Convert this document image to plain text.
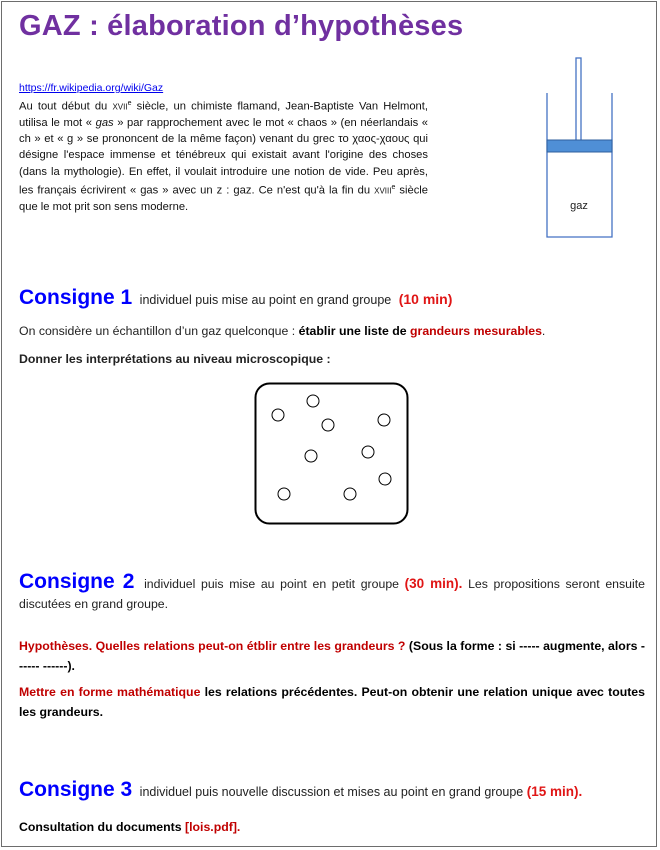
GAZ : élaboration d’hypothèses
https://fr.wikipedia.org/wiki/Gaz

Au tout début du xvii$^e$ siècle, un chimiste flamand, Jean-Baptiste Van Helmont, utilisa le mot « gas » par rapprochement avec le mot « chaos » (en néerlandais « ch » et « g » se prononcent de la même façon) venant du grec το χαος-χαους qui désigne l'espace immense et ténébreux qui existait avant l'origine des choses (dans la mythologie). En effet, il voulait introduire une notion de vide. Peu après, les français écrivirent « gas » avec un z : gaz. Ce n'est qu'à la fin du xviii$^e$ siècle que le mot prit son sens moderne.	gaz
Consigne 1 individuel puis mise au point en grand groupe (10 min)
On considère un échantillon d’un gaz quelconque : établir une liste de grandeurs mesurables.
Donner les interprétations au niveau microscopique :

Consigne 2 individuel puis mise au point en petit groupe (30 min). Les propositions seront ensuite discutées en grand groupe.

Hypothèses. Quelles relations peut-on étblir entre les grandeurs ? (Sous la forme : si ----- augmente, alors ------ ------).

Mettre en forme mathématique les relations précédentes. Peut-on obtenir une relation unique avec toutes les grandeurs.

Consigne 3 individuel puis nouvelle discussion et mises au point en grand groupe (15 min).
Consultation du documents [lois.pdf].
